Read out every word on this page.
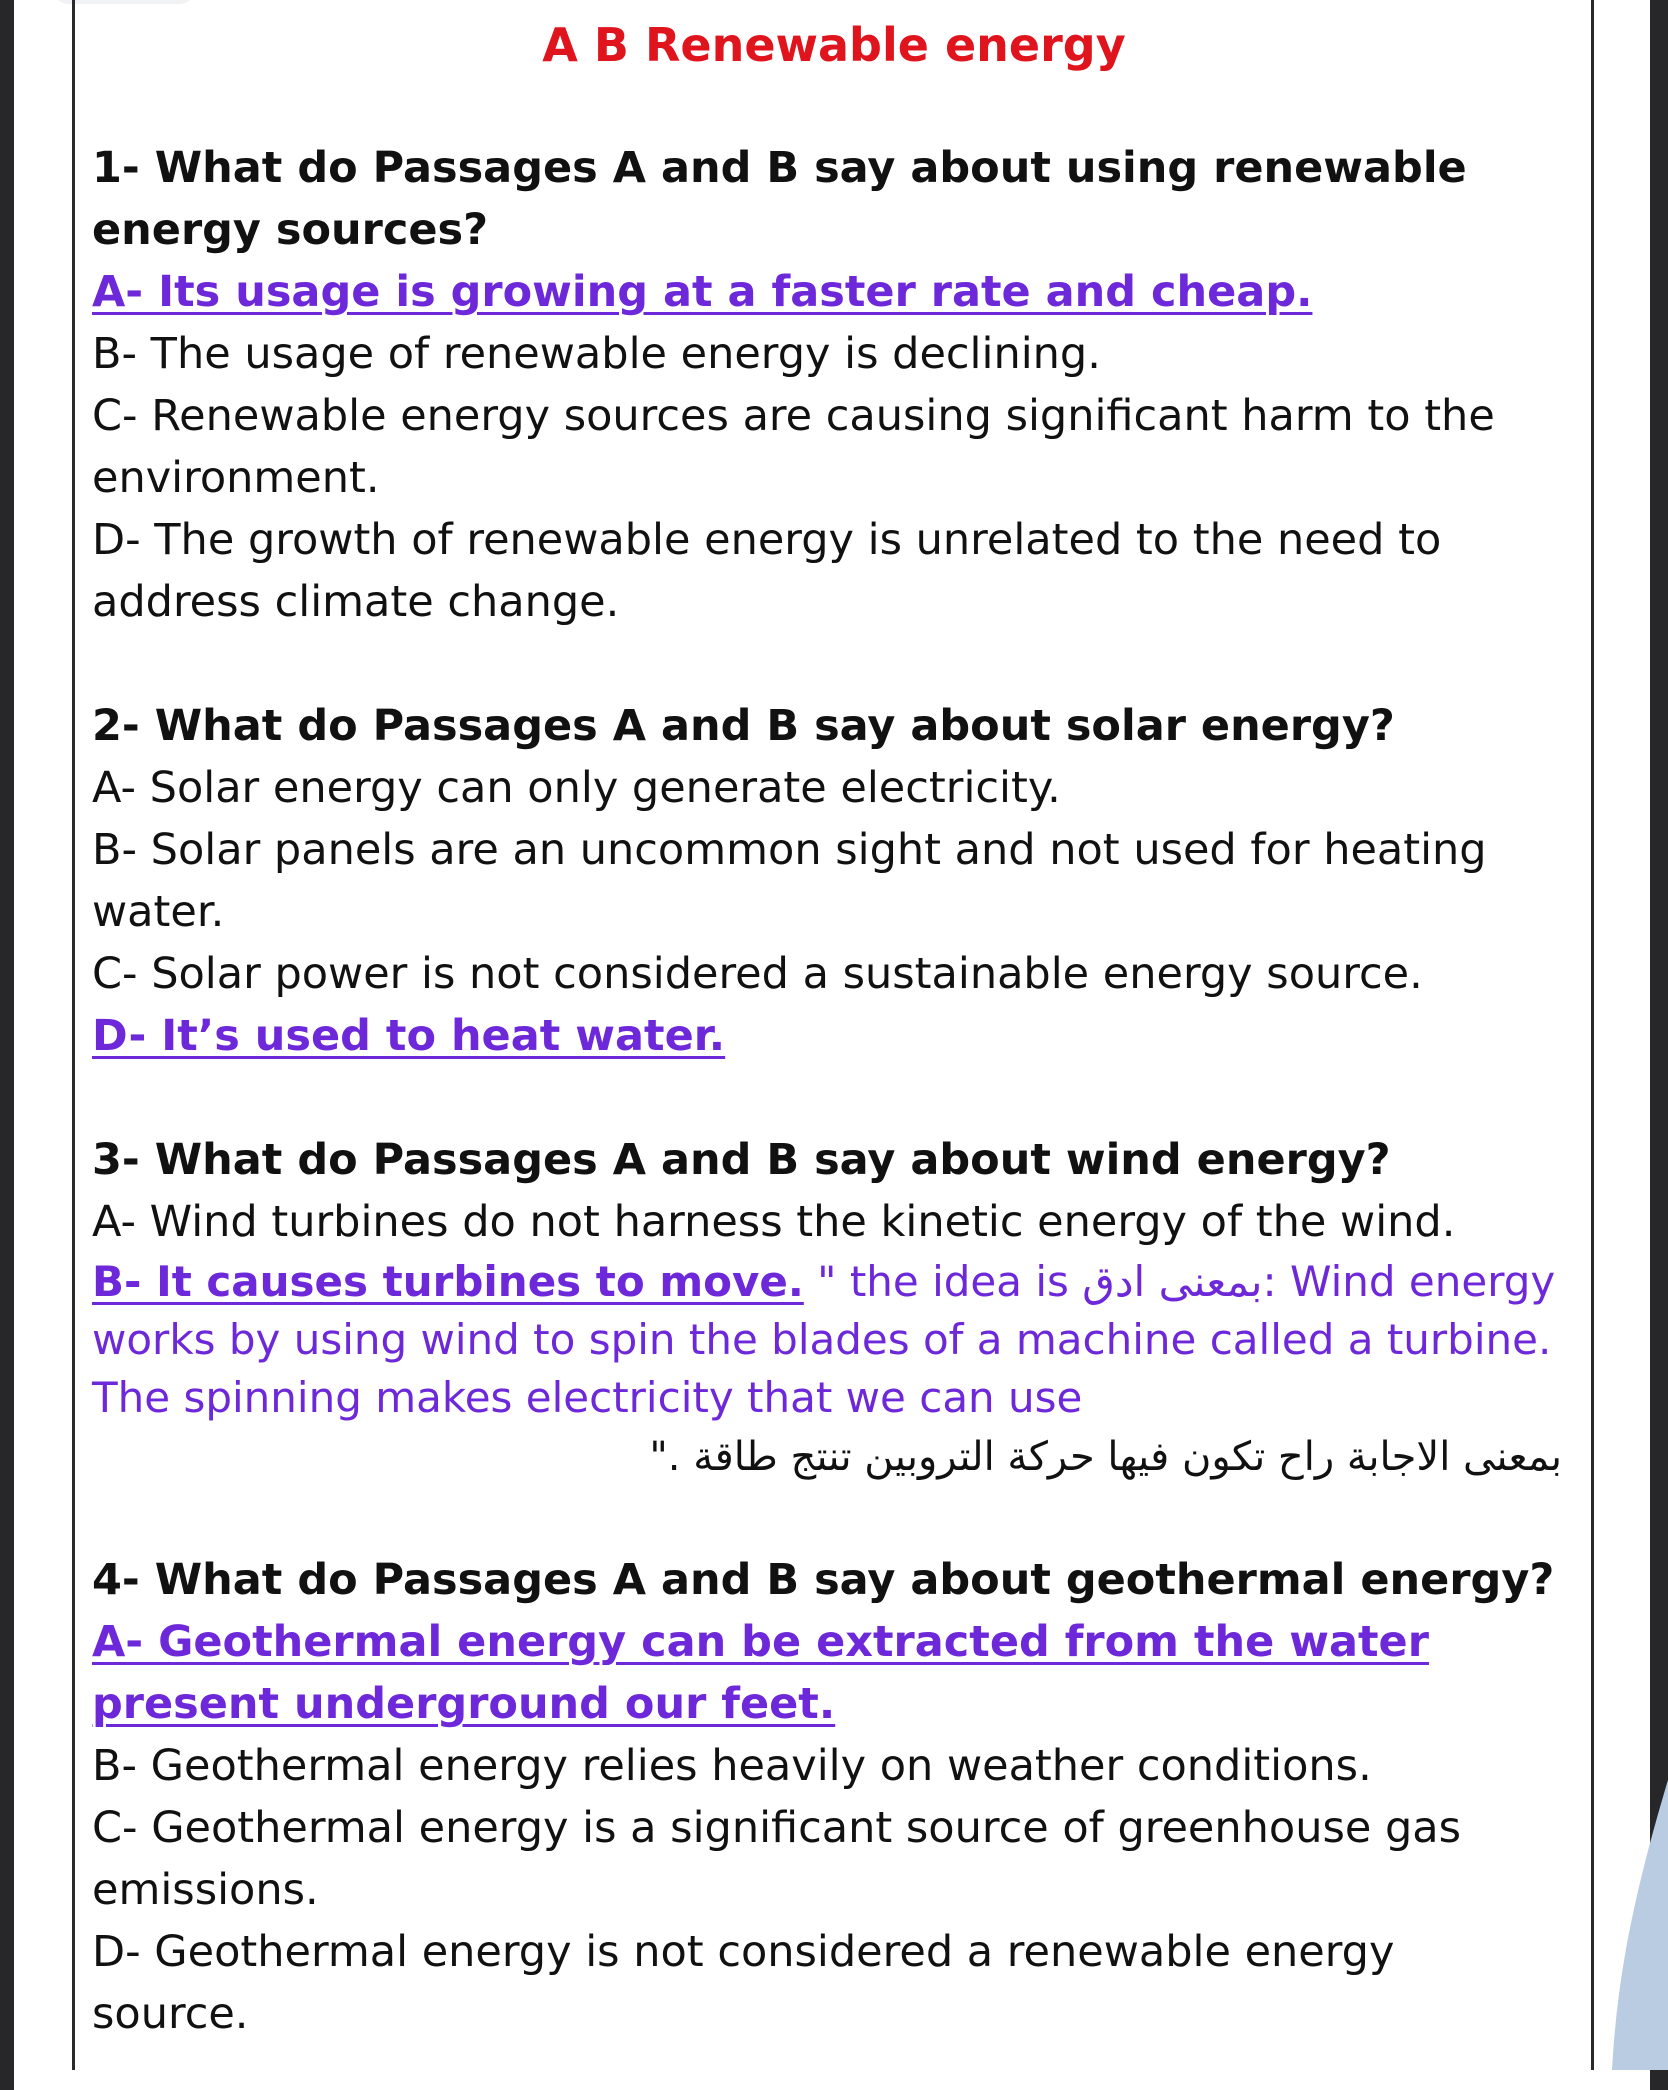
A B Renewable energy
1- What do Passages A and B say about using renewable energy sources?
A- Its usage is growing at a faster rate and cheap.
B- The usage of renewable energy is declining.
C- Renewable energy sources are causing significant harm to the environment.
D- The growth of renewable energy is unrelated to the need to address climate change.
2- What do Passages A and B say about solar energy?
A- Solar energy can only generate electricity.
B- Solar panels are an uncommon sight and not used for heating water.
C- Solar power is not considered a sustainable energy source.
D- It’s used to heat water.
3- What do Passages A and B say about wind energy?
A- Wind turbines do not harness the kinetic energy of the wind.
B- It causes turbines to move. " the idea is بمعنى ادق: Wind energy works by using wind to spin the blades of a machine called a turbine. The spinning makes electricity that we can use
بمعنى الاجابة راح تكون فيها حركة التروبين تنتج طاقة ."
4- What do Passages A and B say about geothermal energy?
A- Geothermal energy can be extracted from the water present underground our feet.
B- Geothermal energy relies heavily on weather conditions.
C- Geothermal energy is a significant source of greenhouse gas emissions.
D- Geothermal energy is not considered a renewable energy source.
